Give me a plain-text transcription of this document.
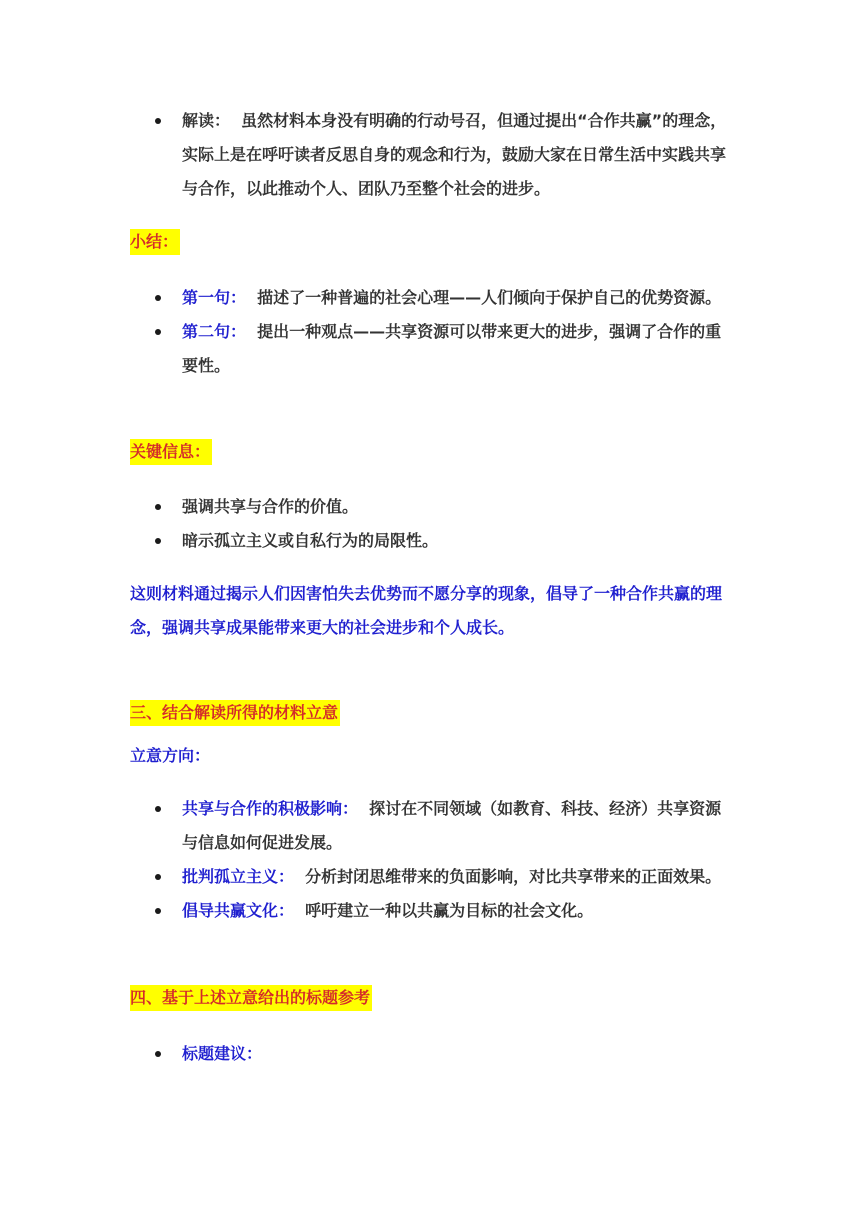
解读： 虽然材料本身没有明确的行动号召，但通过提出“合作共赢”的理念，实际上是在呼吁读者反思自身的观念和行为，鼓励大家在日常生活中实践共享与合作，以此推动个人、团队乃至整个社会的进步。
小结：
第一句： 描述了一种普遍的社会心理——人们倾向于保护自己的优势资源。
第二句： 提出一种观点——共享资源可以带来更大的进步，强调了合作的重要性。
关键信息：
强调共享与合作的价值。
暗示孤立主义或自私行为的局限性。

这则材料通过揭示人们因害怕失去优势而不愿分享的现象，倡导了一种合作共赢的理念，强调共享成果能带来更大的社会进步和个人成长。

三、结合解读所得的材料立意
立意方向：
共享与合作的积极影响： 探讨在不同领域（如教育、科技、经济）共享资源与信息如何促进发展。
批判孤立主义： 分析封闭思维带来的负面影响，对比共享带来的正面效果。
倡导共赢文化： 呼吁建立一种以共赢为目标的社会文化。
四、基于上述立意给出的标题参考
标题建议：
